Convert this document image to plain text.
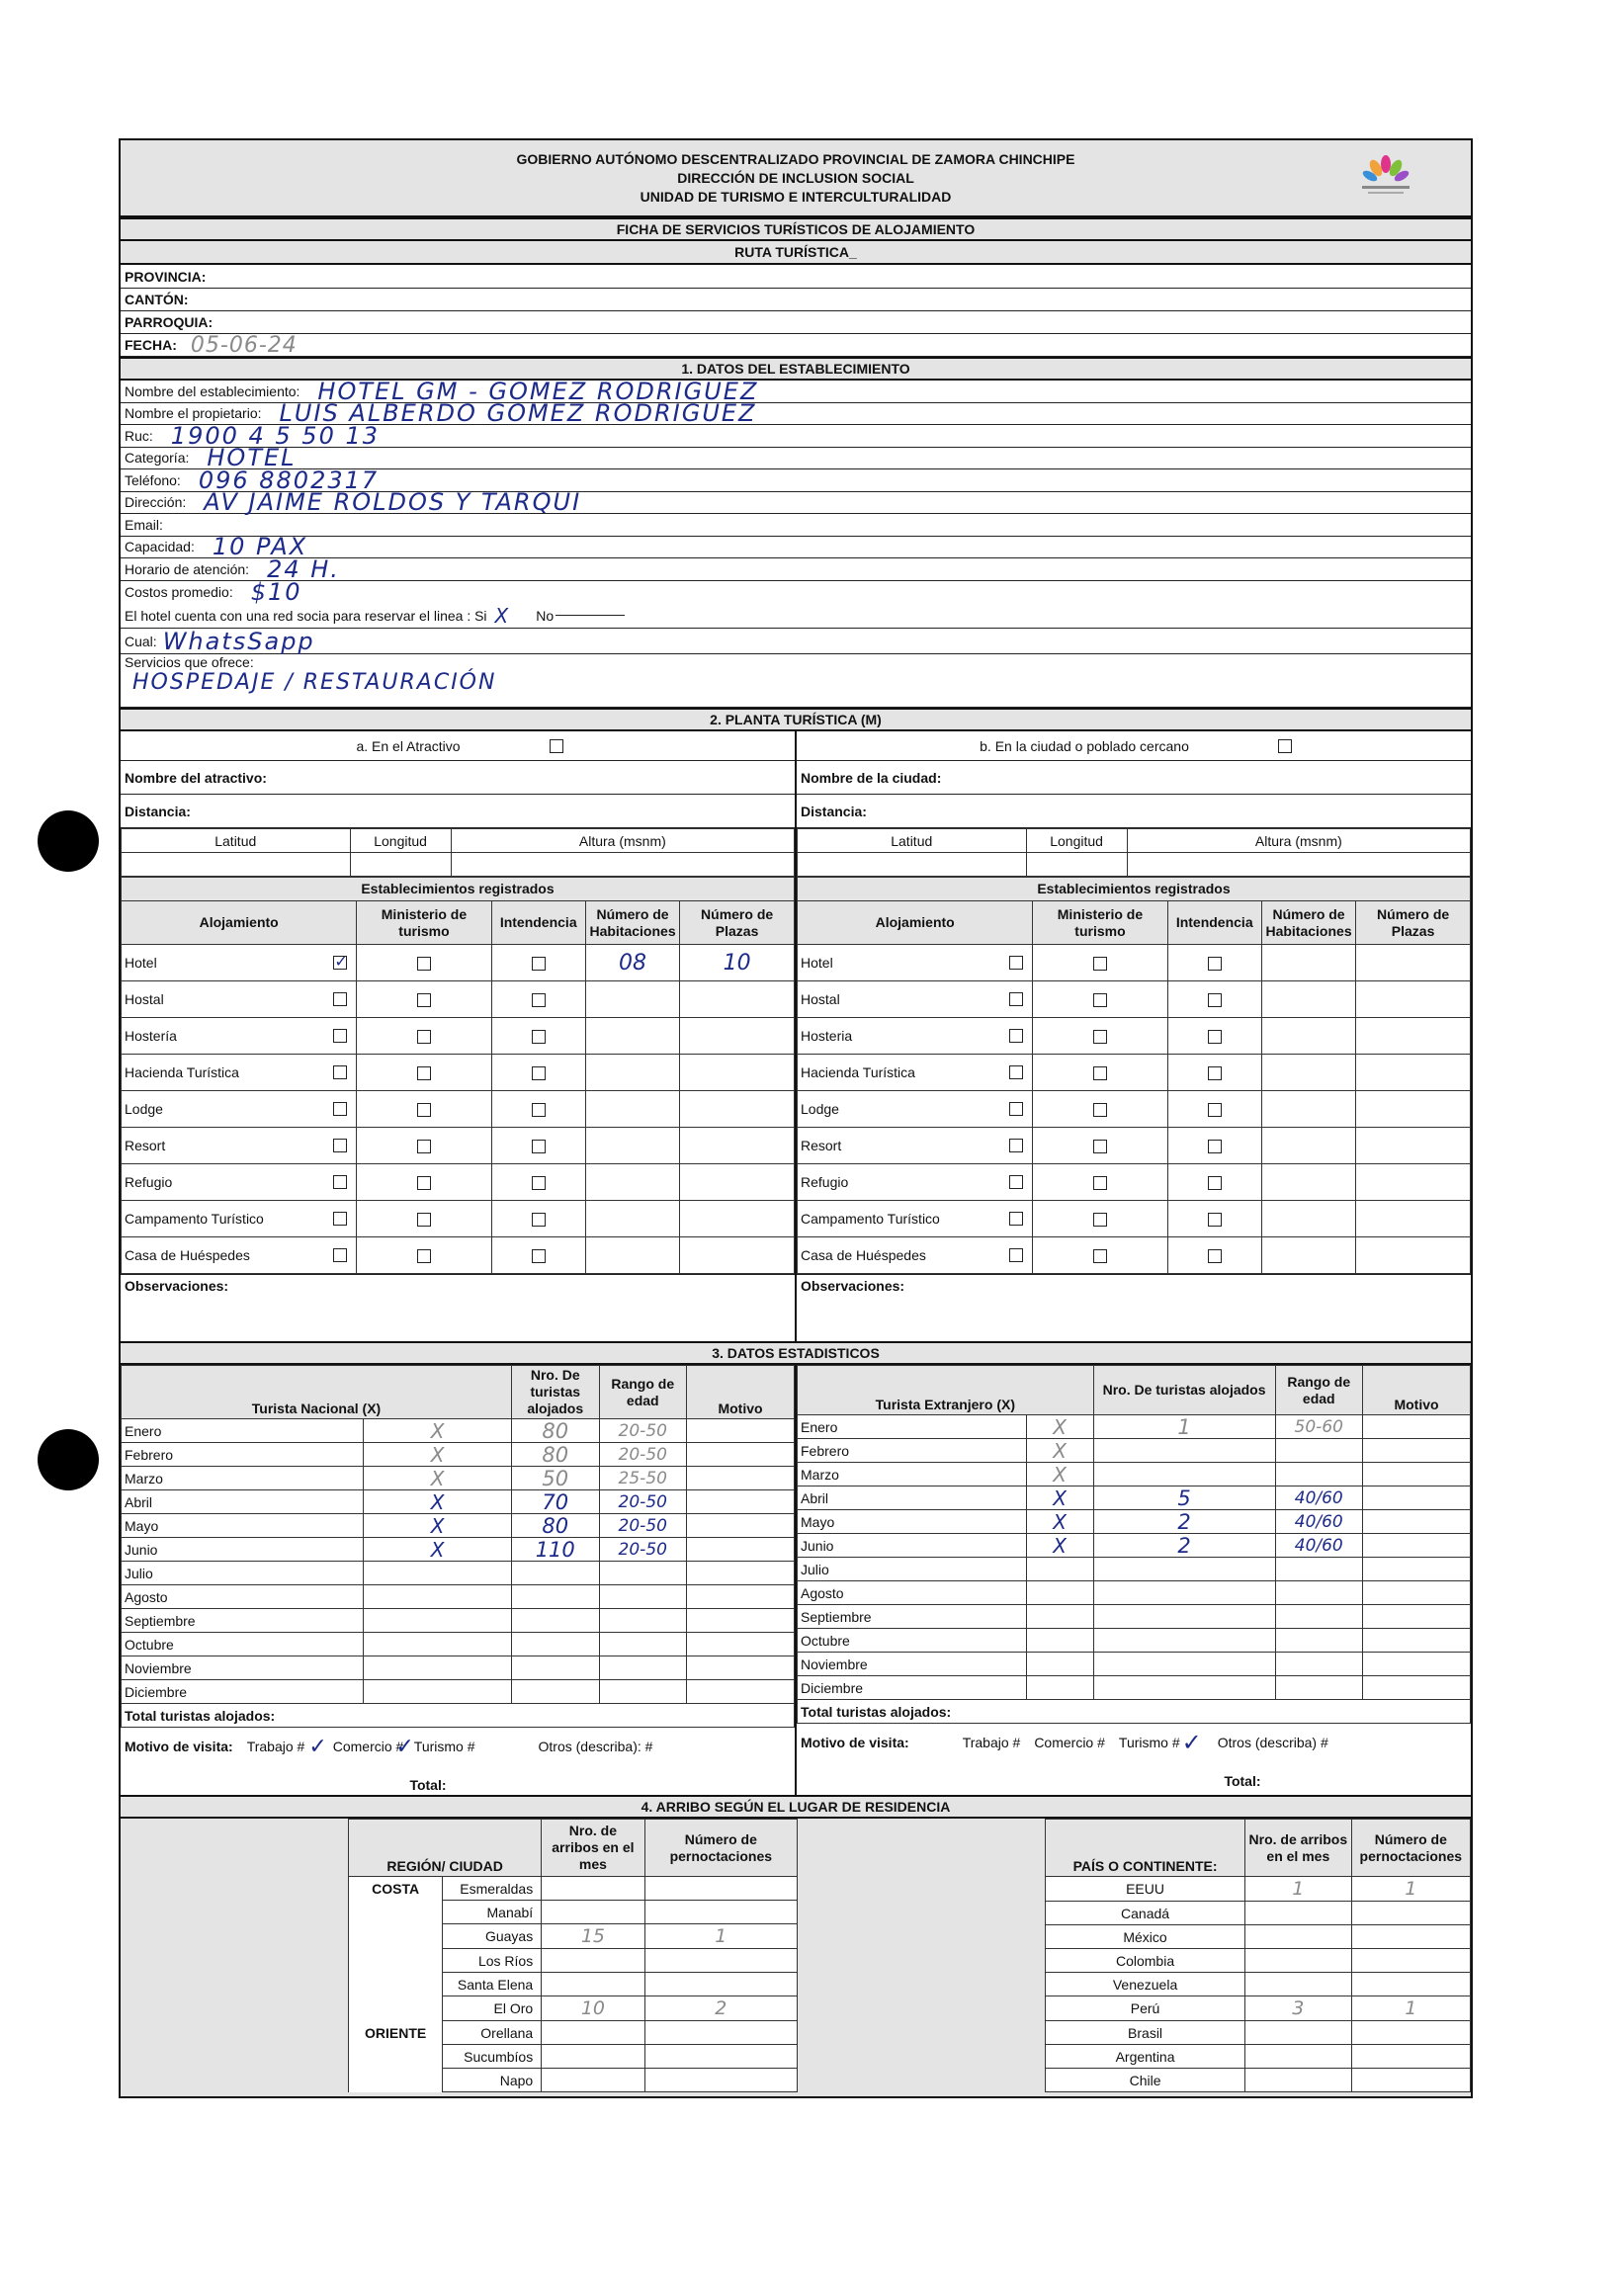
GOBIERNO AUTÓNOMO DESCENTRALIZADO PROVINCIAL DE ZAMORA CHINCHIPE
DIRECCIÓN DE INCLUSION SOCIAL
UNIDAD DE TURISMO E INTERCULTURALIDAD
FICHA DE SERVICIOS TURÍSTICOS DE ALOJAMIENTO
RUTA TURÍSTICA_
PROVINCIA:
CANTÓN:
PARROQUIA:
FECHA: 05-06-24
1. DATOS DEL ESTABLECIMIENTO
Nombre del establecimiento: HOTEL GM - GOMEZ RODRIGUEZ
Nombre el propietario: LUIS ALBERDO GOMEZ RODRIGUEZ
Ruc: 1900 4 5 50 13
Categoría: HOTEL
Teléfono: 096 8802317
Dirección: AV JAIME ROLDOS Y TARQUI
Email:
Capacidad: 10 PAX
Horario de atención: 24 H.
Costos promedio: $10
El hotel cuenta con una red socia para reservar el linea : Si X No
Cual: WhatsSapp
Servicios que ofrece:
HOSPEDAJE / RESTAURACIÓN
2. PLANTA TURÍSTICA (M)
a. En el Atractivo
Nombre del atractivo:
Distancia:
Latitud	Longitud	Altura (msnm)

Establecimientos registrados				
Alojamiento	Ministerio de turismo	Intendencia	Número de Habitaciones	Número de Plazas

Hotel ✓			08	10

Hostal				

Hostería				

Hacienda Turística				

Lodge				

Resort				

Refugio				

Campamento Turístico				

Casa de Huéspedes				

Observaciones:
b. En la ciudad o poblado cercano
Nombre de la ciudad:
Distancia:
Latitud	Longitud	Altura (msnm)

Establecimientos registrados				
Alojamiento	Ministerio de turismo	Intendencia	Número de Habitaciones	Número de Plazas

Hotel				

Hostal				

Hosteria				

Hacienda Turística				

Lodge				

Resort				

Refugio				

Campamento Turístico				

Casa de Huéspedes				

Observaciones:
3. DATOS ESTADISTICOS
Turista Nacional (X)		Nro. De turistas alojados	Rango de edad	Motivo
Enero	X	80	20-50	
Febrero	X	80	20-50	
Marzo	X	50	25-50	
Abril	X	70	20-50	
Mayo	X	80	20-50	
Junio	X	110	20-50	
Julio				
Agosto				
Septiembre				
Octubre				
Noviembre				
Diciembre				
Total turistas alojados:				
Motivo de visita: Trabajo # ✓ Comercio #
✓
Turismo #	Otros (describa): #
Total:
Turista Extranjero (X)		Nro. De turistas alojados	Rango de edad	Motivo
Enero	X	1	50-60	
Febrero	X			
Marzo	X			
Abril	X	5	40/60	
Mayo	X	2	40/60	
Junio	X	2	40/60	
Julio				
Agosto				
Septiembre				
Octubre				
Noviembre				
Diciembre				
Total turistas alojados:				
Motivo de visita:	Trabajo # Comercio # Turismo # ✓ Otros (describa) #
Total:
4. ARRIBO SEGÚN EL LUGAR DE RESIDENCIA
REGIÓN/ CIUDAD		Nro. de arribos en el mes	Número de pernoctaciones
COSTA	Esmeraldas		
	Manabí		
	Guayas	15	1
	Los Ríos		
	Santa Elena		
	El Oro	10	2
ORIENTE	Orellana		
	Sucumbíos		
	Napo		
PAÍS O CONTINENTE:	Nro. de arribos en el mes	Número de pernoctaciones
EEUU	1	1
Canadá		
México		
Colombia		
Venezuela		
Perú	3	1
Brasil		
Argentina		
Chile		
